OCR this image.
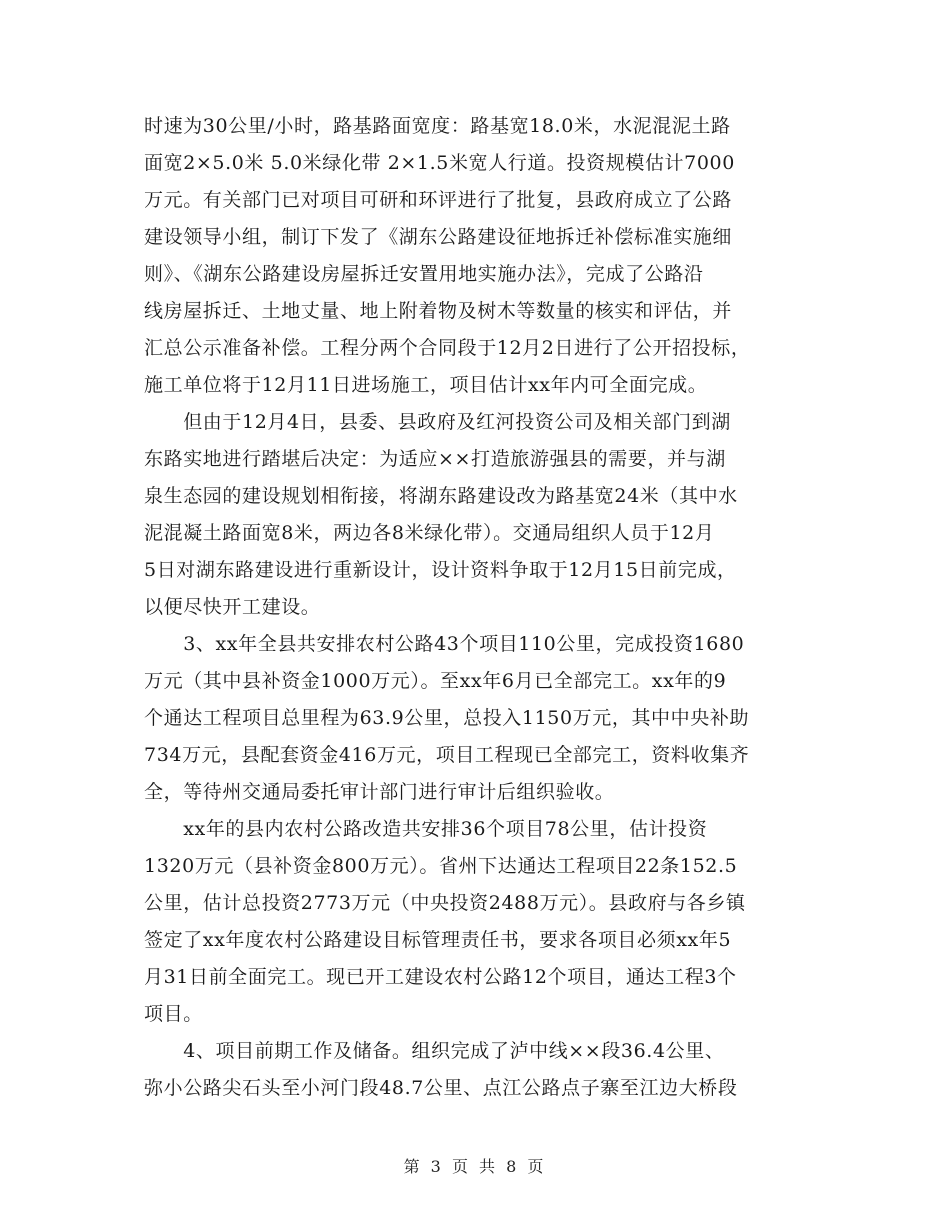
时速为30公里/小时，路基路面宽度：路基宽18.0米，水泥混泥土路
面宽2×5.0米 5.0米绿化带 2×1.5米宽人行道。投资规模估计7000
万元。有关部门已对项目可研和环评进行了批复，县政府成立了公路
建设领导小组，制订下发了《湖东公路建设征地拆迁补偿标准实施细
则》、《湖东公路建设房屋拆迁安置用地实施办法》，完成了公路沿
线房屋拆迁、土地丈量、地上附着物及树木等数量的核实和评估，并
汇总公示准备补偿。工程分两个合同段于12月2日进行了公开招投标，
施工单位将于12月11日进场施工，项目估计xx年内可全面完成。
　　但由于12月4日，县委、县政府及红河投资公司及相关部门到湖
东路实地进行踏堪后决定：为适应××打造旅游强县的需要，并与湖
泉生态园的建设规划相衔接，将湖东路建设改为路基宽24米（其中水
泥混凝土路面宽8米，两边各8米绿化带）。交通局组织人员于12月
5日对湖东路建设进行重新设计，设计资料争取于12月15日前完成，
以便尽快开工建设。
　　3、xx年全县共安排农村公路43个项目110公里，完成投资1680
万元（其中县补资金1000万元）。至xx年6月已全部完工。xx年的9
个通达工程项目总里程为63.9公里，总投入1150万元，其中中央补助
734万元，县配套资金416万元，项目工程现已全部完工，资料收集齐
全，等待州交通局委托审计部门进行审计后组织验收。
　　xx年的县内农村公路改造共安排36个项目78公里，估计投资
1320万元（县补资金800万元）。省州下达通达工程项目22条152.5
公里，估计总投资2773万元（中央投资2488万元）。县政府与各乡镇
签定了xx年度农村公路建设目标管理责任书，要求各项目必须xx年5
月31日前全面完工。现已开工建设农村公路12个项目，通达工程3个
项目。
　　4、项目前期工作及储备。组织完成了泸中线××段36.4公里、
弥小公路尖石头至小河门段48.7公里、点江公路点子寨至江边大桥段
第 3 页 共 8 页
